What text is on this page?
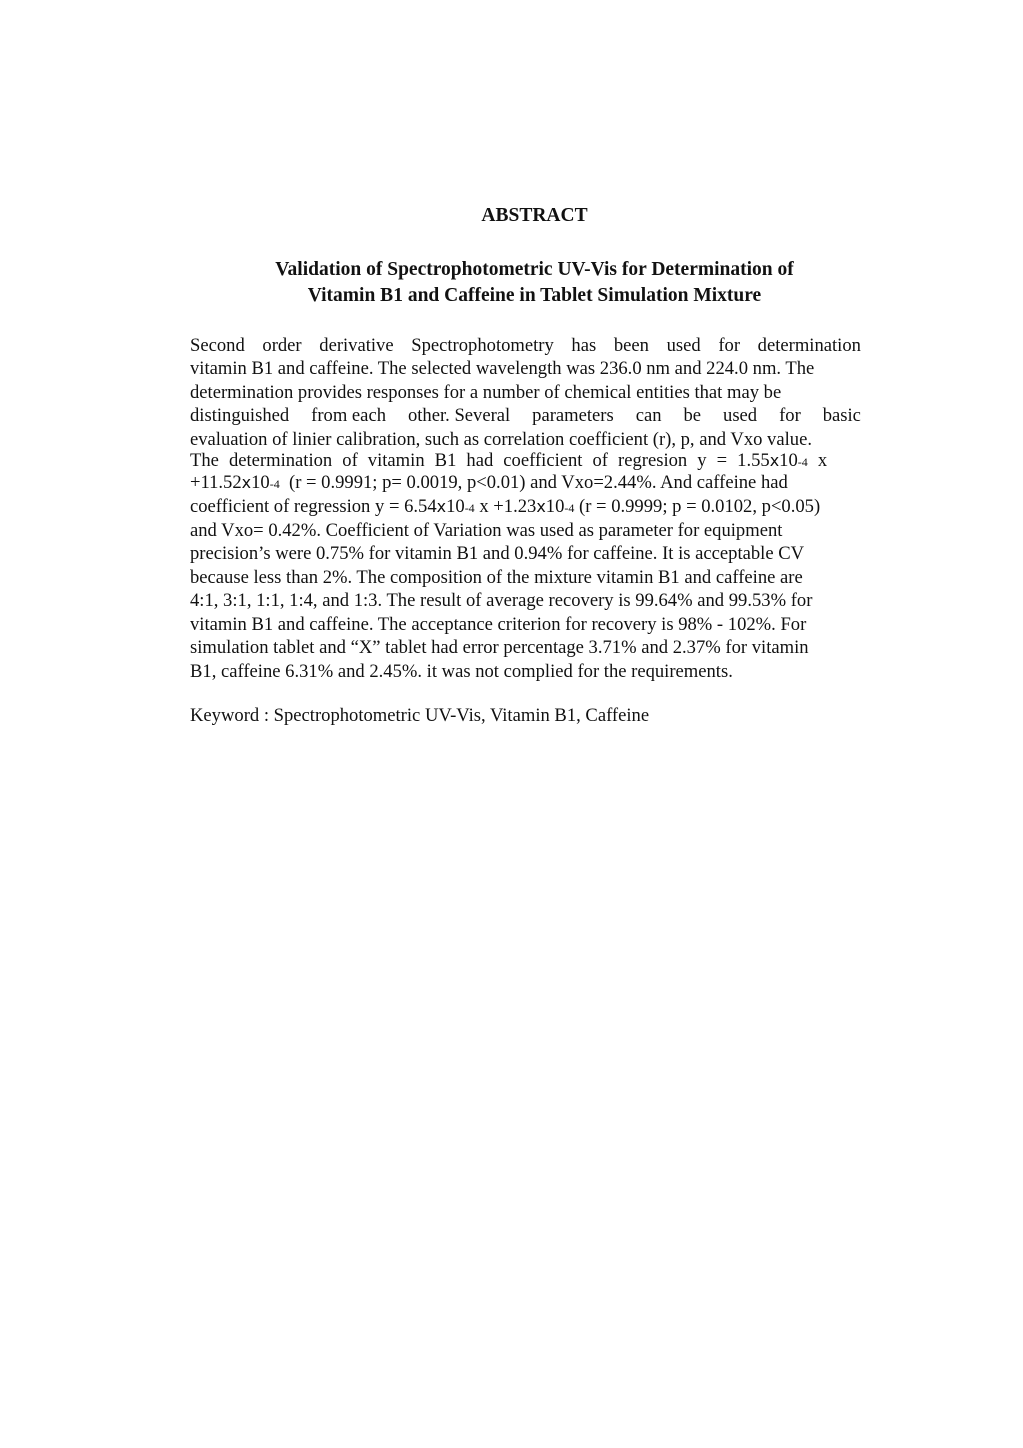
ABSTRACT
Validation of Spectrophotometric UV-Vis for Determination of
Vitamin B1 and Caffeine in Tablet Simulation Mixture
Second order derivative Spectrophotometry has been used for determination
vitamin B1 and caffeine. The selected wavelength was 236.0 nm and 224.0 nm. The
determination provides responses for a number of chemical entities that may be
distinguished from each other. Several parameters can be used for basic
evaluation of linier calibration, such as correlation coefficient (r), p, and Vxo value.
The determination of vitamin B1 had coefficient of regresion y = 1.55x10-4 x
+11.52x10-4  (r = 0.9991; p= 0.0019, p<0.01) and Vxo=2.44%. And caffeine had
coefficient of regression y = 6.54x10-4 x +1.23x10-4 (r = 0.9999; p = 0.0102, p<0.05)
and Vxo= 0.42%. Coefficient of Variation was used as parameter for equipment
precision’s were 0.75% for vitamin B1 and 0.94% for caffeine. It is acceptable CV
because less than 2%. The composition of the mixture vitamin B1 and caffeine are
4:1, 3:1, 1:1, 1:4, and 1:3. The result of average recovery is 99.64% and 99.53% for
vitamin B1 and caffeine. The acceptance criterion for recovery is 98% - 102%. For
simulation tablet and “X” tablet had error percentage 3.71% and 2.37% for vitamin
B1, caffeine 6.31% and 2.45%. it was not complied for the requirements.
Keyword : Spectrophotometric UV-Vis, Vitamin B1, Caffeine
